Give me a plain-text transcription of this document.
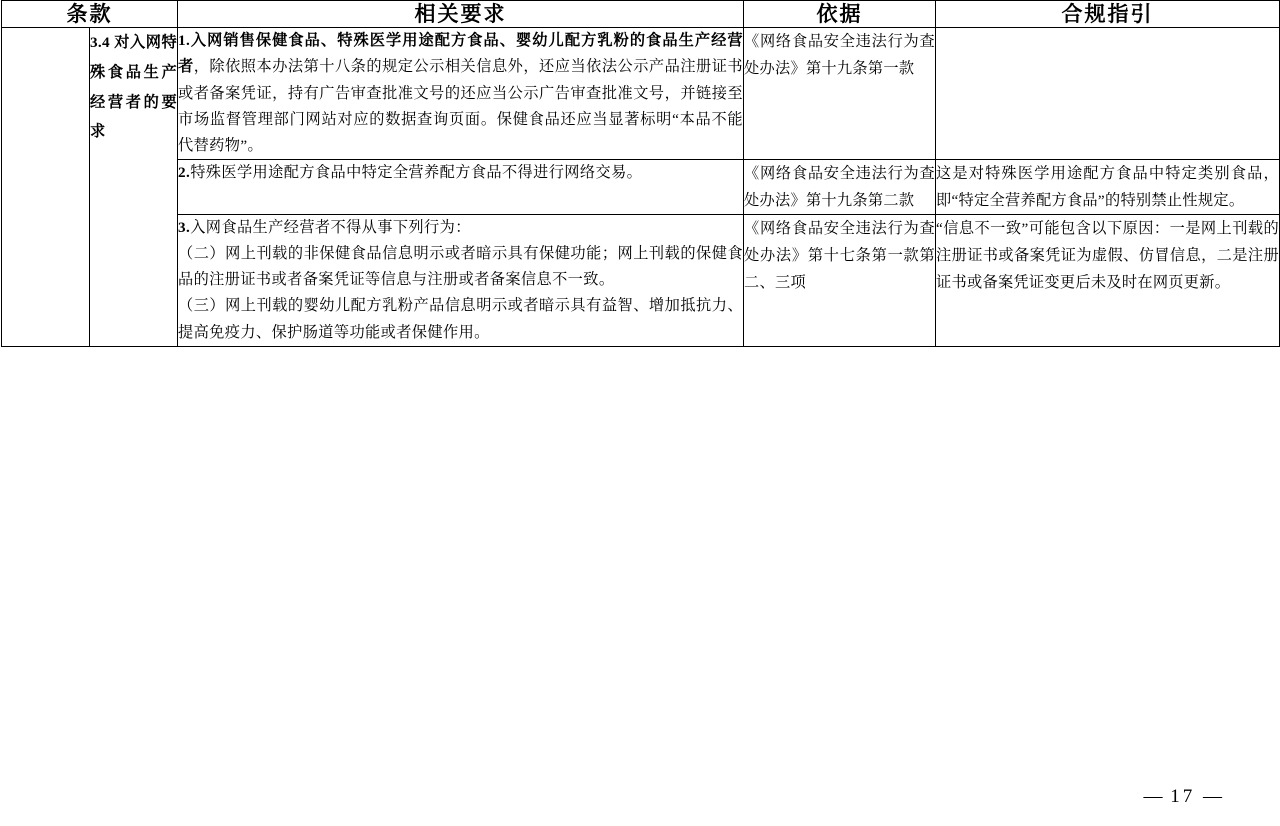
条款		相关要求	依据	合规指引

	3.4 对入网特殊食品生产经营者的要求	1.入网销售保健食品、特殊医学用途配方食品、婴幼儿配方乳粉的食品生产经营者，除依照本办法第十八条的规定公示相关信息外，还应当依法公示产品注册证书或者备案凭证，持有广告审查批准文号的还应当公示广告审查批准文号，并链接至市场监督管理部门网站对应的数据查询页面。保健食品还应当显著标明“本品不能代替药物”。	《网络食品安全违法行为查处办法》第十九条第一款	

		2.特殊医学用途配方食品中特定全营养配方食品不得进行网络交易。	《网络食品安全违法行为查处办法》第十九条第二款	这是对特殊医学用途配方食品中特定类别食品，即“特定全营养配方食品”的特别禁止性规定。

		3.入网食品生产经营者不得从事下列行为：

（二）网上刊载的非保健食品信息明示或者暗示具有保健功能；网上刊载的保健食品的注册证书或者备案凭证等信息与注册或者备案信息不一致。

（三）网上刊载的婴幼儿配方乳粉产品信息明示或者暗示具有益智、增加抵抗力、提高免疫力、保护肠道等功能或者保健作用。	《网络食品安全违法行为查处办法》第十七条第一款第二、三项	“信息不一致”可能包含以下原因：一是网上刊载的注册证书或备案凭证为虚假、仿冒信息，二是注册证书或备案凭证变更后未及时在网页更新。
— 17 —
